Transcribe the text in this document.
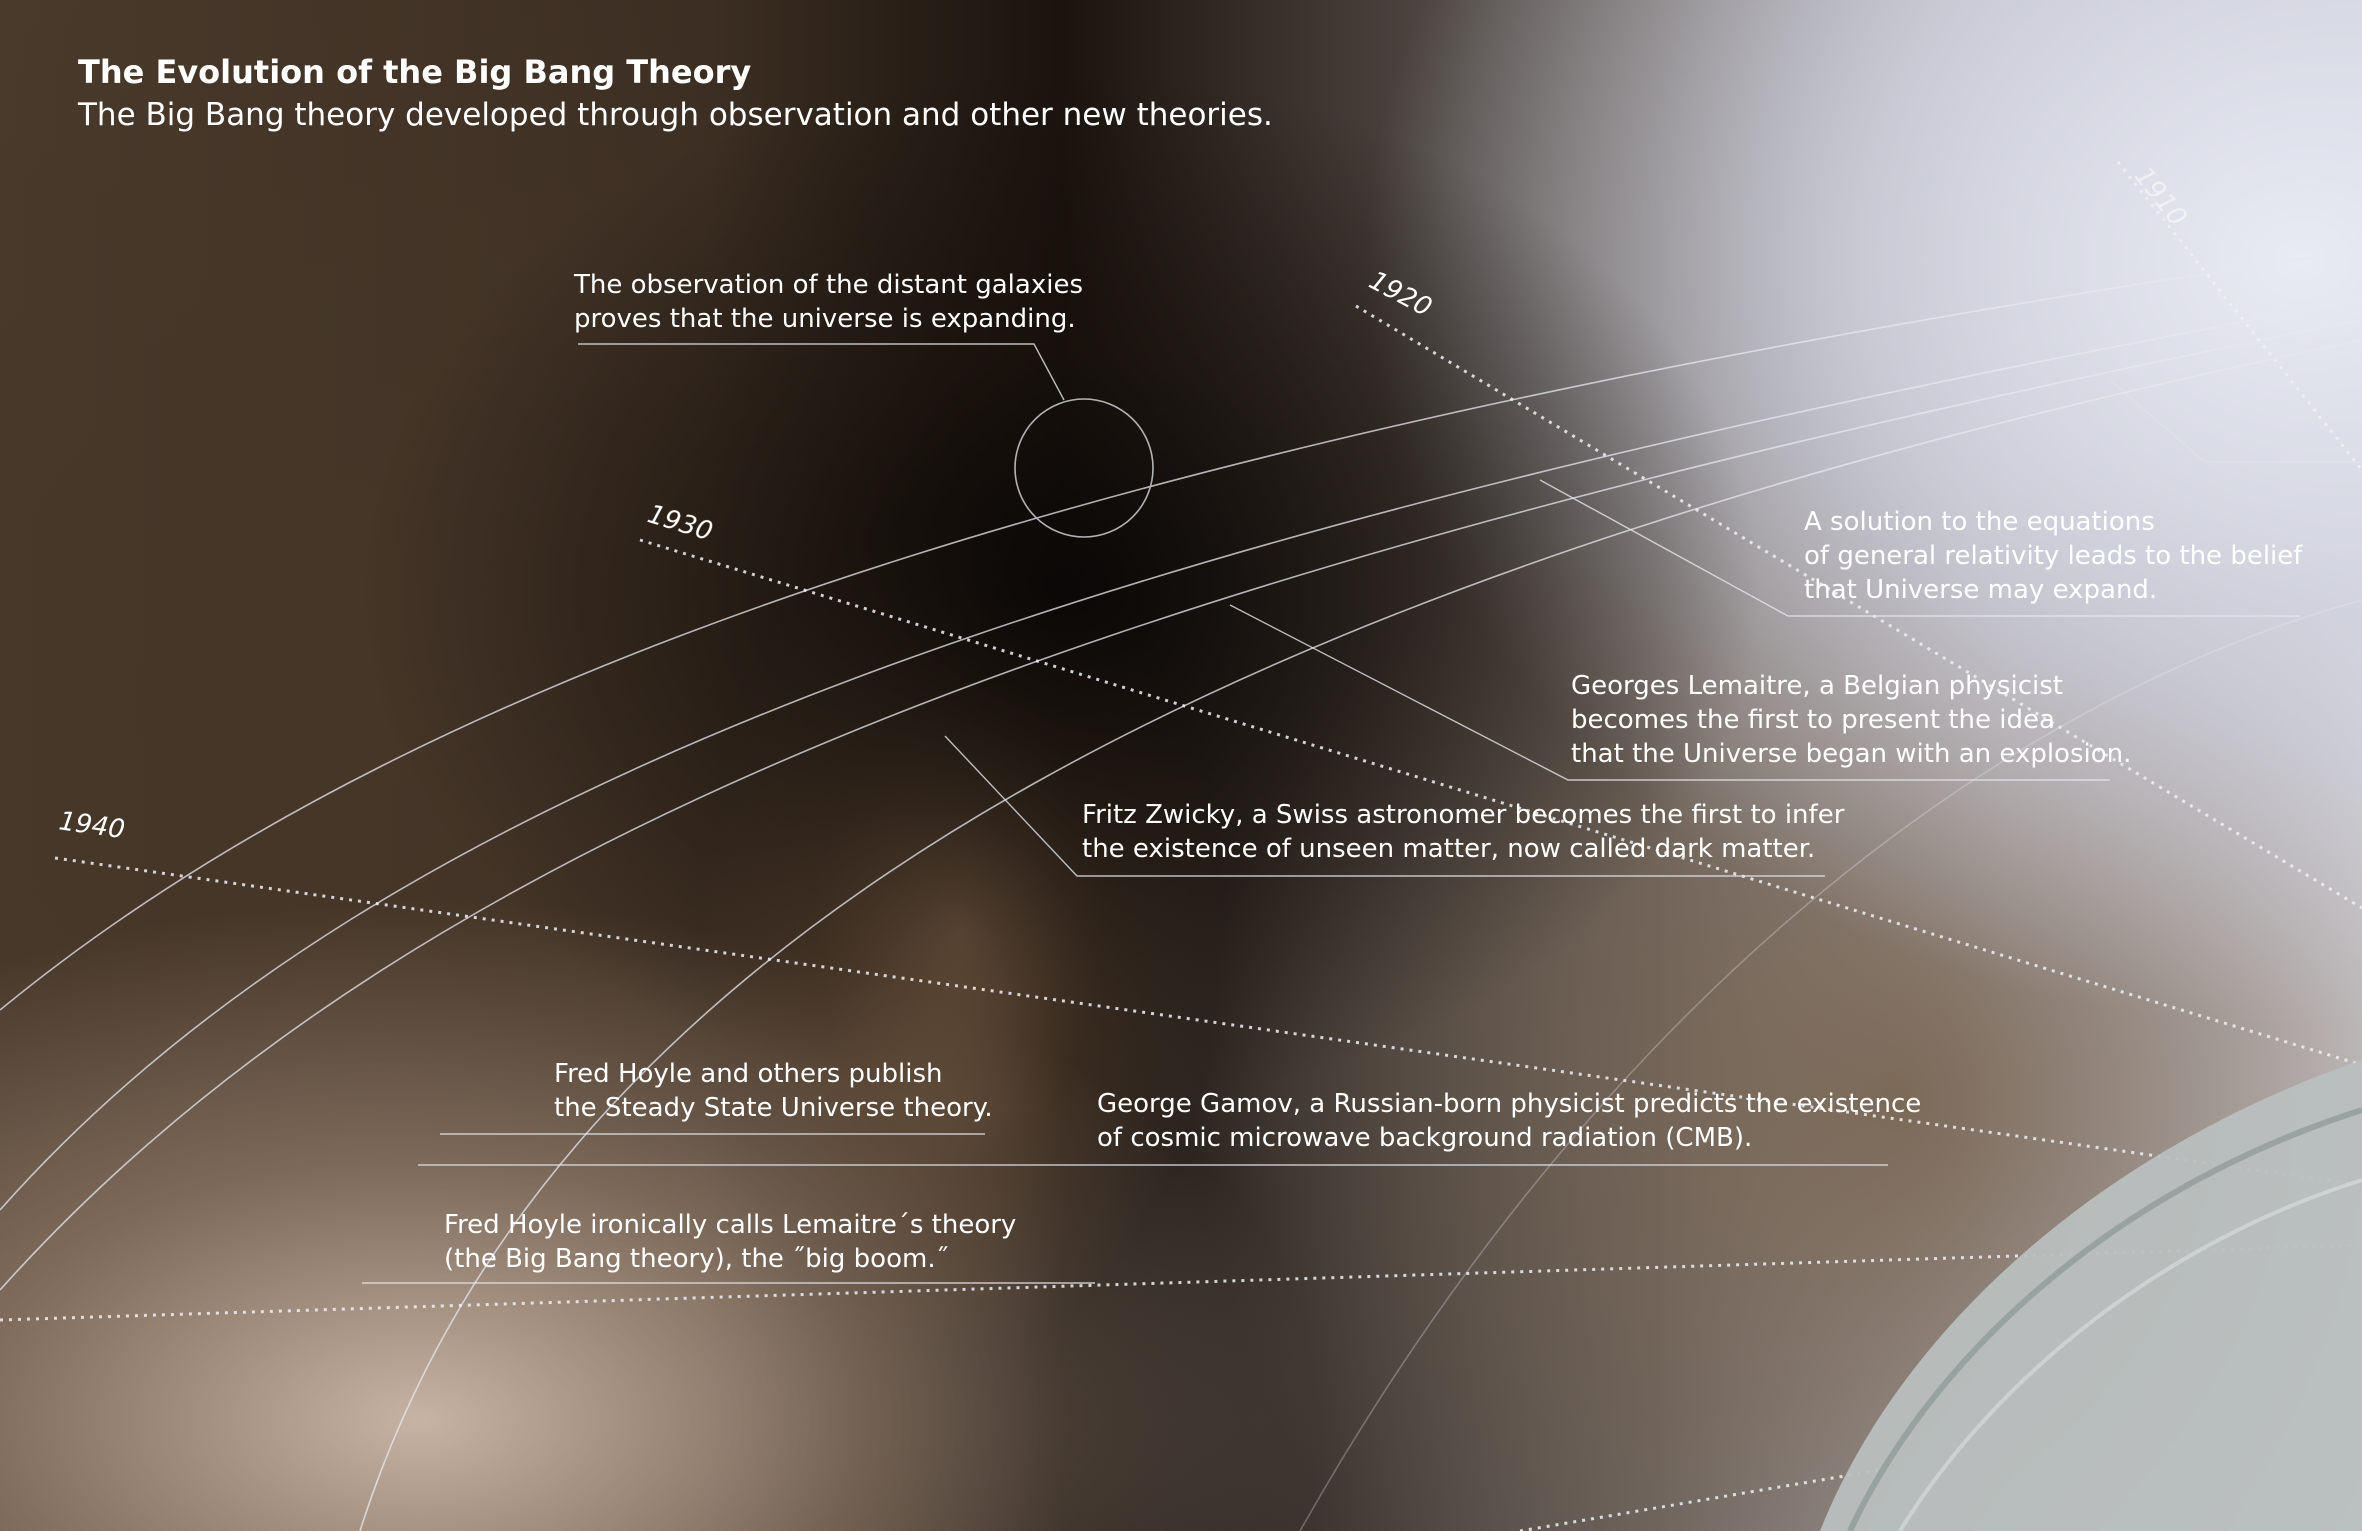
The Evolution of the Big Bang Theory

The Big Bang theory developed through observation and other new theories.

1910
1920
1930
1940
The observation of the distant galaxies
proves that the universe is expanding.
A solution to the equations
of general relativity leads to the belief
that Universe may expand.
Georges Lemaitre, a Belgian physicist
becomes the first to present the idea
that the Universe began with an explosion.
Fritz Zwicky, a Swiss astronomer becomes the first to infer
the existence of unseen matter, now called dark matter.
Fred Hoyle and others publish
the Steady State Universe theory.	George Gamov, a Russian-born physicist predicts the existence
of cosmic microwave background radiation (CMB).
Fred Hoyle ironically calls Lemaitre´s theory
(the Big Bang theory), the ˝big boom.˝
